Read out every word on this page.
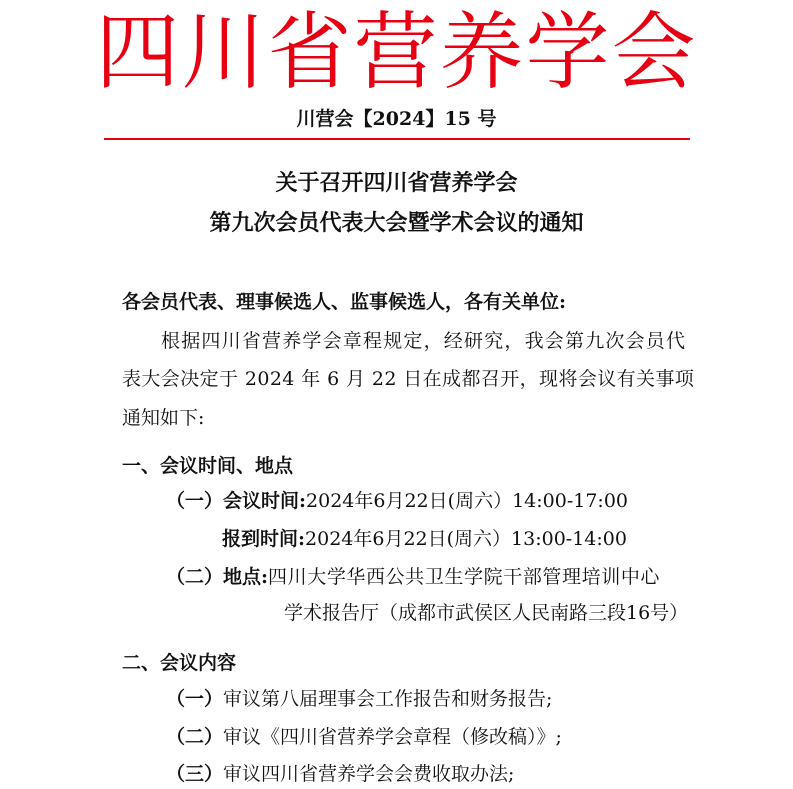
四川省营养学会
川营会【2024】15 号
关于召开四川省营养学会
第九次会员代表大会暨学术会议的通知
各会员代表、理事候选人、监事候选人，各有关单位:
根据四川省营养学会章程规定，经研究，我会第九次会员代
表大会决定于 2024 年 6 月 22 日在成都召开，现将会议有关事项
通知如下:
一、会议时间、地点
（一）会议时间:2024年6月22日(周六）14:00-17:00
报到时间:2024年6月22日(周六）13:00-14:00
（二）地点:四川大学华西公共卫生学院干部管理培训中心
学术报告厅（成都市武侯区人民南路三段16号）
二、会议内容
（一）审议第八届理事会工作报告和财务报告;
（二）审议《四川省营养学会章程（修改稿）》;
（三）审议四川省营养学会会费收取办法;
